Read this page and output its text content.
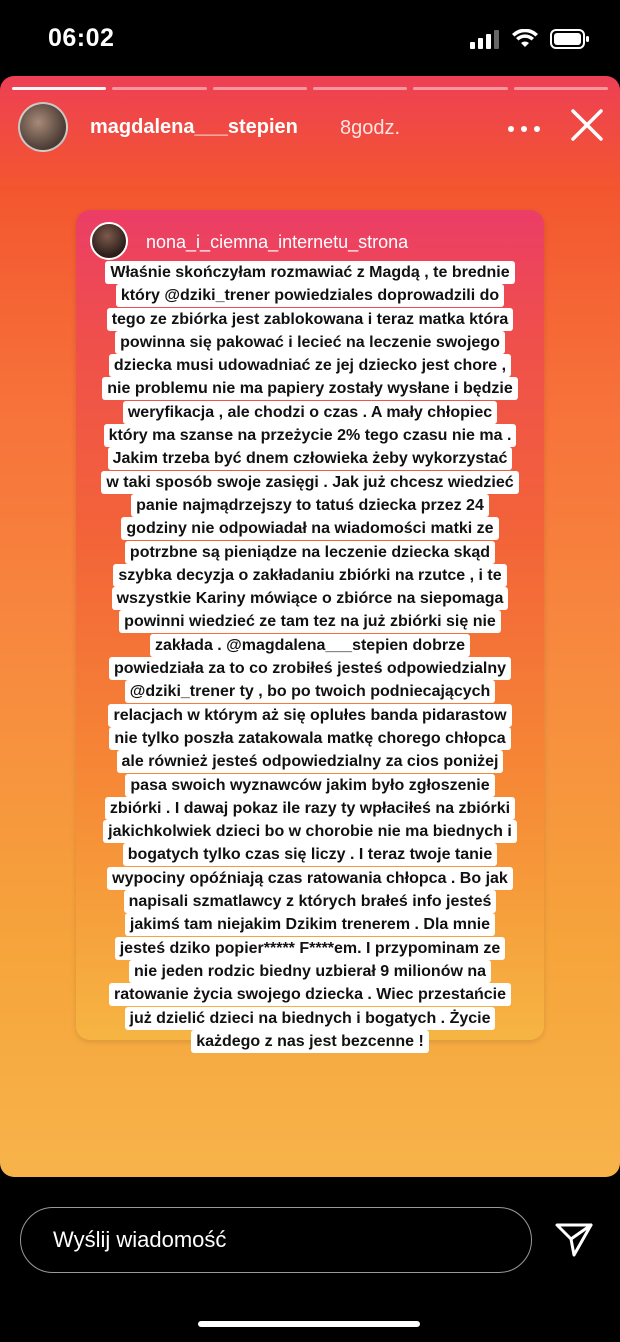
06:02
magdalena___stepien 8godz.
nona_i_ciemna_internetu_strona
Właśnie skończyłam rozmawiać z Magdą , te brednie
który @dziki_trener powiedziales doprowadzili do
tego ze zbiórka jest zablokowana i teraz matka która
powinna się pakować i lecieć na leczenie swojego
dziecka musi udowadniać ze jej dziecko jest chore ,
nie problemu nie ma papiery zostały wysłane i będzie
weryfikacja , ale chodzi o czas . A mały chłopiec
który ma szanse na przeżycie 2% tego czasu nie ma .
Jakim trzeba być dnem człowieka żeby wykorzystać
w taki sposób swoje zasięgi . Jak już chcesz wiedzieć
panie najmądrzejszy to tatuś dziecka przez 24
godziny nie odpowiadał na wiadomości matki ze
potrzbne są pieniądze na leczenie dziecka skąd
szybka decyzja o zakładaniu zbiórki na rzutce , i te
wszystkie Kariny mówiące o zbiórce na siepomaga
powinni wiedzieć ze tam tez na już zbiórki się nie
zakłada . @magdalena___stepien dobrze
powiedziała za to co zrobiłeś jesteś odpowiedzialny
@dziki_trener ty , bo po twoich podniecających
relacjach w którym aż się oplułes banda pidarastow
nie tylko poszła zatakowala matkę chorego chłopca
ale również jesteś odpowiedzialny za cios poniżej
pasa swoich wyznawców jakim było zgłoszenie
zbiórki . I dawaj pokaz ile razy ty wpłaciłeś na zbiórki
jakichkolwiek dzieci bo w chorobie nie ma biednych i
bogatych tylko czas się liczy . I teraz twoje tanie
wypociny opóźniają czas ratowania chłopca . Bo jak
napisali szmatlawcy z których brałeś info jesteś
jakimś tam niejakim Dzikim trenerem . Dla mnie
jesteś dziko popier***** F****em. I przypominam ze
nie jeden rodzic biedny uzbierał 9 milionów na
ratowanie życia swojego dziecka . Wiec przestańcie
już dzielić dzieci na biednych i bogatych . Życie
każdego z nas jest bezcenne !
Wyślij wiadomość
